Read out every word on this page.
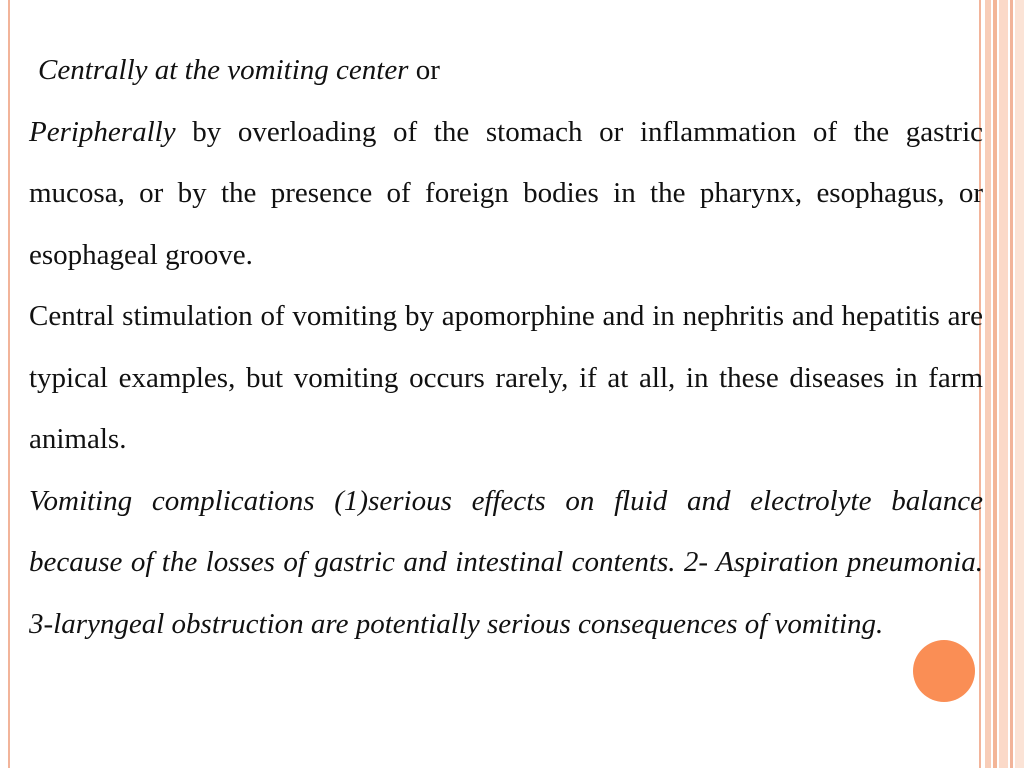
Centrally at the vomiting center or

Peripherally by overloading of the stomach or inflammation of the gastric mucosa, or by the presence of foreign bodies in the pharynx, esophagus, or esophageal groove.

Central stimulation of vomiting by apomorphine and in nephritis and hepatitis are typical examples, but vomiting occurs rarely, if at all, in these diseases in farm animals.

Vomiting complications (1)serious effects on fluid and electrolyte balance because of the losses of gastric and intestinal contents. 2- Aspiration pneumonia. 3-laryngeal obstruction are potentially serious consequences of vomiting.
